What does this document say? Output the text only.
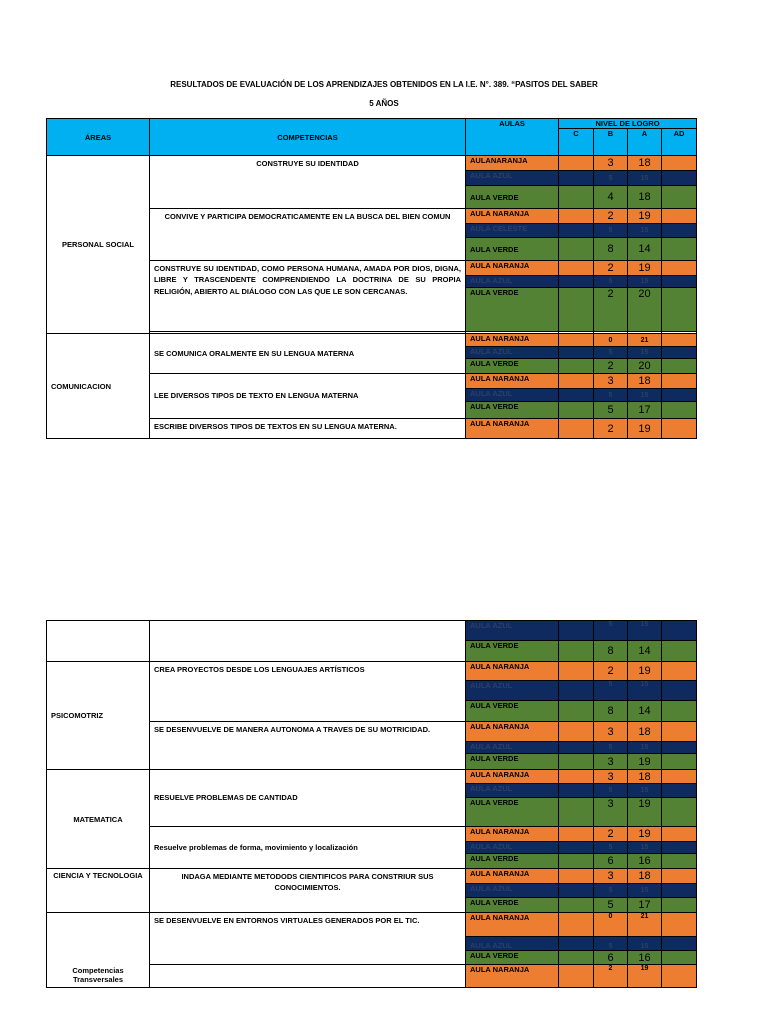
RESULTADOS DE EVALUACIÓN DE LOS APRENDIZAJES OBTENIDOS EN LA I.E. N°. 389. “PASITOS DEL SABER
5 AÑOS
ÁREAS	COMPETENCIAS	AULAS	NIVEL DE LOGRO			
			C	B	A	AD
PERSONAL SOCIAL	CONSTRUYE SU IDENTIDAD	AULANARANJA		3	18	
		AULA AZUL		5	15	
		AULA VERDE		4	18	
	CONVIVE Y PARTICIPA DEMOCRATICAMENTE EN LA BUSCA DEL BIEN COMUN	AULA NARANJA		2	19	
		AULA CELESTE		5	15	
		AULA VERDE		8	14	
	CONSTRUYE SU IDENTIDAD, COMO PERSONA HUMANA, AMADA POR DIOS, DIGNA, LIBRE Y TRASCENDENTE COMPRENDIENDO LA DOCTRINA DE SU PROPIA RELIGIÓN, ABIERTO AL DIÁLOGO CON LAS QUE LE SON CERCANAS.	AULA NARANJA		2	19	
		AULA AZUL		5	15	
		AULA VERDE		2	20	

COMUNICACION	SE COMUNICA ORALMENTE EN SU LENGUA MATERNA	AULA NARANJA		0	21	
		AULA AZUL		5	15	
		AULA VERDE		2	20	
	LEE DIVERSOS TIPOS DE TEXTO EN LENGUA MATERNA	AULA NARANJA		3	18	
		AULA AZUL		5	15	
		AULA VERDE		5	17	
	ESCRIBE DIVERSOS TIPOS DE TEXTOS EN SU LENGUA MATERNA.	AULA NARANJA		2	19	
		AULA AZUL		5	15	
		AULA VERDE		8	14	
PSICOMOTRIZ	CREA PROYECTOS DESDE LOS LENGUAJES ARTÍSTICOS	AULA NARANJA		2	19	
		AULA AZUL		5	15	
		AULA VERDE		8	14	
	SE DESENVUELVE DE MANERA AUTONOMA A TRAVES DE SU MOTRICIDAD.	AULA NARANJA		3	18	
		AULA AZUL		5	15	
		AULA VERDE		3	19	
MATEMATICA	RESUELVE PROBLEMAS DE CANTIDAD	AULA NARANJA		3	18	
		AULA AZUL		5	15	
		AULA VERDE		3	19	
	Resuelve problemas de forma, movimiento y localización	AULA NARANJA		2	19	
		AULA AZUL		5	15	
		AULA VERDE		6	16	
CIENCIA Y TECNOLOGIA	INDAGA MEDIANTE METODODS CIENTIFICOS PARA CONSTRIUR SUS CONOCIMIENTOS.	AULA NARANJA		3	18	
		AULA AZUL		5	15	
		AULA VERDE		5	17	
Competencias Transversales	SE DESENVUELVE EN ENTORNOS VIRTUALES GENERADOS POR EL TIC.	AULA NARANJA		0	21	
		AULA AZUL		5	15	
		AULA VERDE		6	16	
		AULA NARANJA		2	19	
